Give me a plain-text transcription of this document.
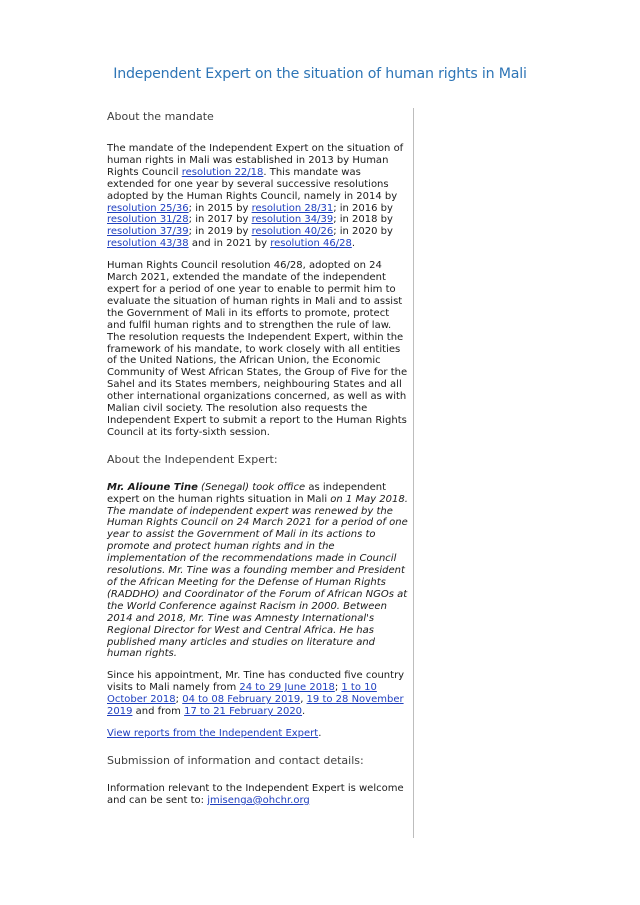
Independent Expert on the situation of human rights in Mali

About the mandate

The mandate of the Independent Expert on the situation of human rights in Mali was established in 2013 by Human Rights Council resolution 22/18. This mandate was extended for one year by several successive resolutions adopted by the Human Rights Council, namely in 2014 by resolution 25/36; in 2015 by resolution 28/31; in 2016 by resolution 31/28; in 2017 by resolution 34/39; in 2018 by resolution 37/39; in 2019 by resolution 40/26; in 2020 by resolution 43/38 and in 2021 by resolution 46/28.

Human Rights Council resolution 46/28, adopted on 24 March 2021, extended the mandate of the independent expert for a period of one year to enable to permit him to evaluate the situation of human rights in Mali and to assist the Government of Mali in its efforts to promote, protect and fulfil human rights and to strengthen the rule of law. The resolution requests the Independent Expert, within the framework of his mandate, to work closely with all entities of the United Nations, the African Union, the Economic Community of West African States, the Group of Five for the Sahel and its States members, neighbouring States and all other international organizations concerned, as well as with Malian civil society. The resolution also requests the Independent Expert to submit a report to the Human Rights Council at its forty-sixth session.

About the Independent Expert:

Mr. Alioune Tine (Senegal) took office as independent expert on the human rights situation in Mali on 1 May 2018. The mandate of independent expert was renewed by the Human Rights Council on 24 March 2021 for a period of one year to assist the Government of Mali in its actions to promote and protect human rights and in the implementation of the recommendations made in Council resolutions. Mr. Tine was a founding member and President of the African Meeting for the Defense of Human Rights (RADDHO) and Coordinator of the Forum of African NGOs at the World Conference against Racism in 2000. Between 2014 and 2018, Mr. Tine was Amnesty International's Regional Director for West and Central Africa. He has published many articles and studies on literature and human rights.

Since his appointment, Mr. Tine has conducted five country visits to Mali namely from 24 to 29 June 2018; 1 to 10 October 2018; 04 to 08 February 2019, 19 to 28 November 2019 and from 17 to 21 February 2020.

View reports from the Independent Expert.

Submission of information and contact details:

Information relevant to the Independent Expert is welcome and can be sent to: jmisenga@ohchr.org
